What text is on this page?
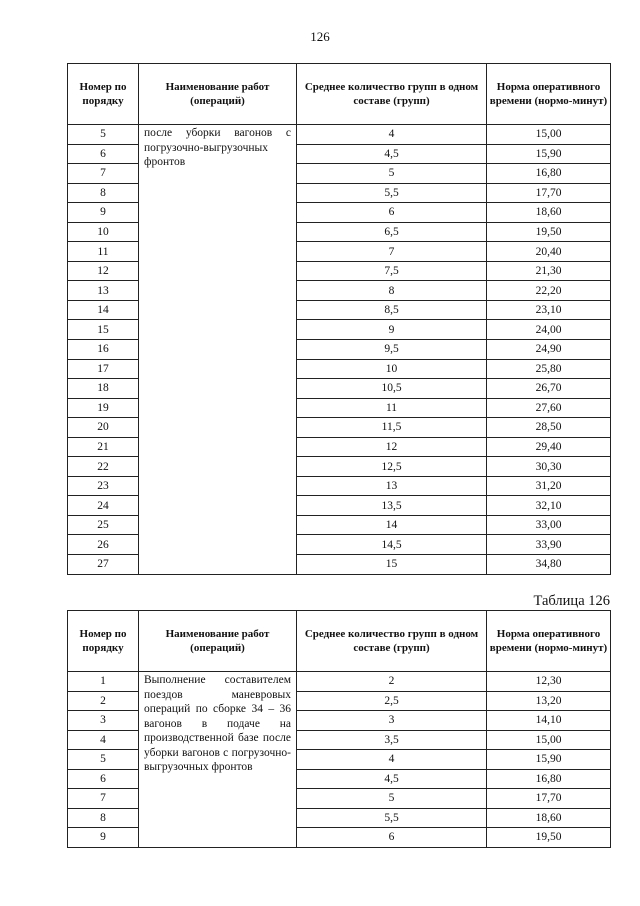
126
Номер по порядку	Наименование работ (операций)	Среднее количество групп в одном составе (групп)	Норма оперативного времени (нормо-минут)
5	после уборки вагонов с погрузочно-выгрузочных фронтов	4	15,00
6		4,5	15,90
7		5	16,80
8		5,5	17,70
9		6	18,60
10		6,5	19,50
11		7	20,40
12		7,5	21,30
13		8	22,20
14		8,5	23,10
15		9	24,00
16		9,5	24,90
17		10	25,80
18		10,5	26,70
19		11	27,60
20		11,5	28,50
21		12	29,40
22		12,5	30,30
23		13	31,20
24		13,5	32,10
25		14	33,00
26		14,5	33,90
27		15	34,80
Таблица 126
Номер по порядку	Наименование работ (операций)	Среднее количество групп в одном составе (групп)	Норма оперативного времени (нормо-минут)
1	Выполнение составителем поездов маневровых операций по сборке 34 – 36 вагонов в подаче на производственной базе после уборки вагонов с погрузочно-выгрузочных фронтов	2	12,30
2		2,5	13,20
3		3	14,10
4		3,5	15,00
5		4	15,90
6		4,5	16,80
7		5	17,70
8		5,5	18,60
9		6	19,50
